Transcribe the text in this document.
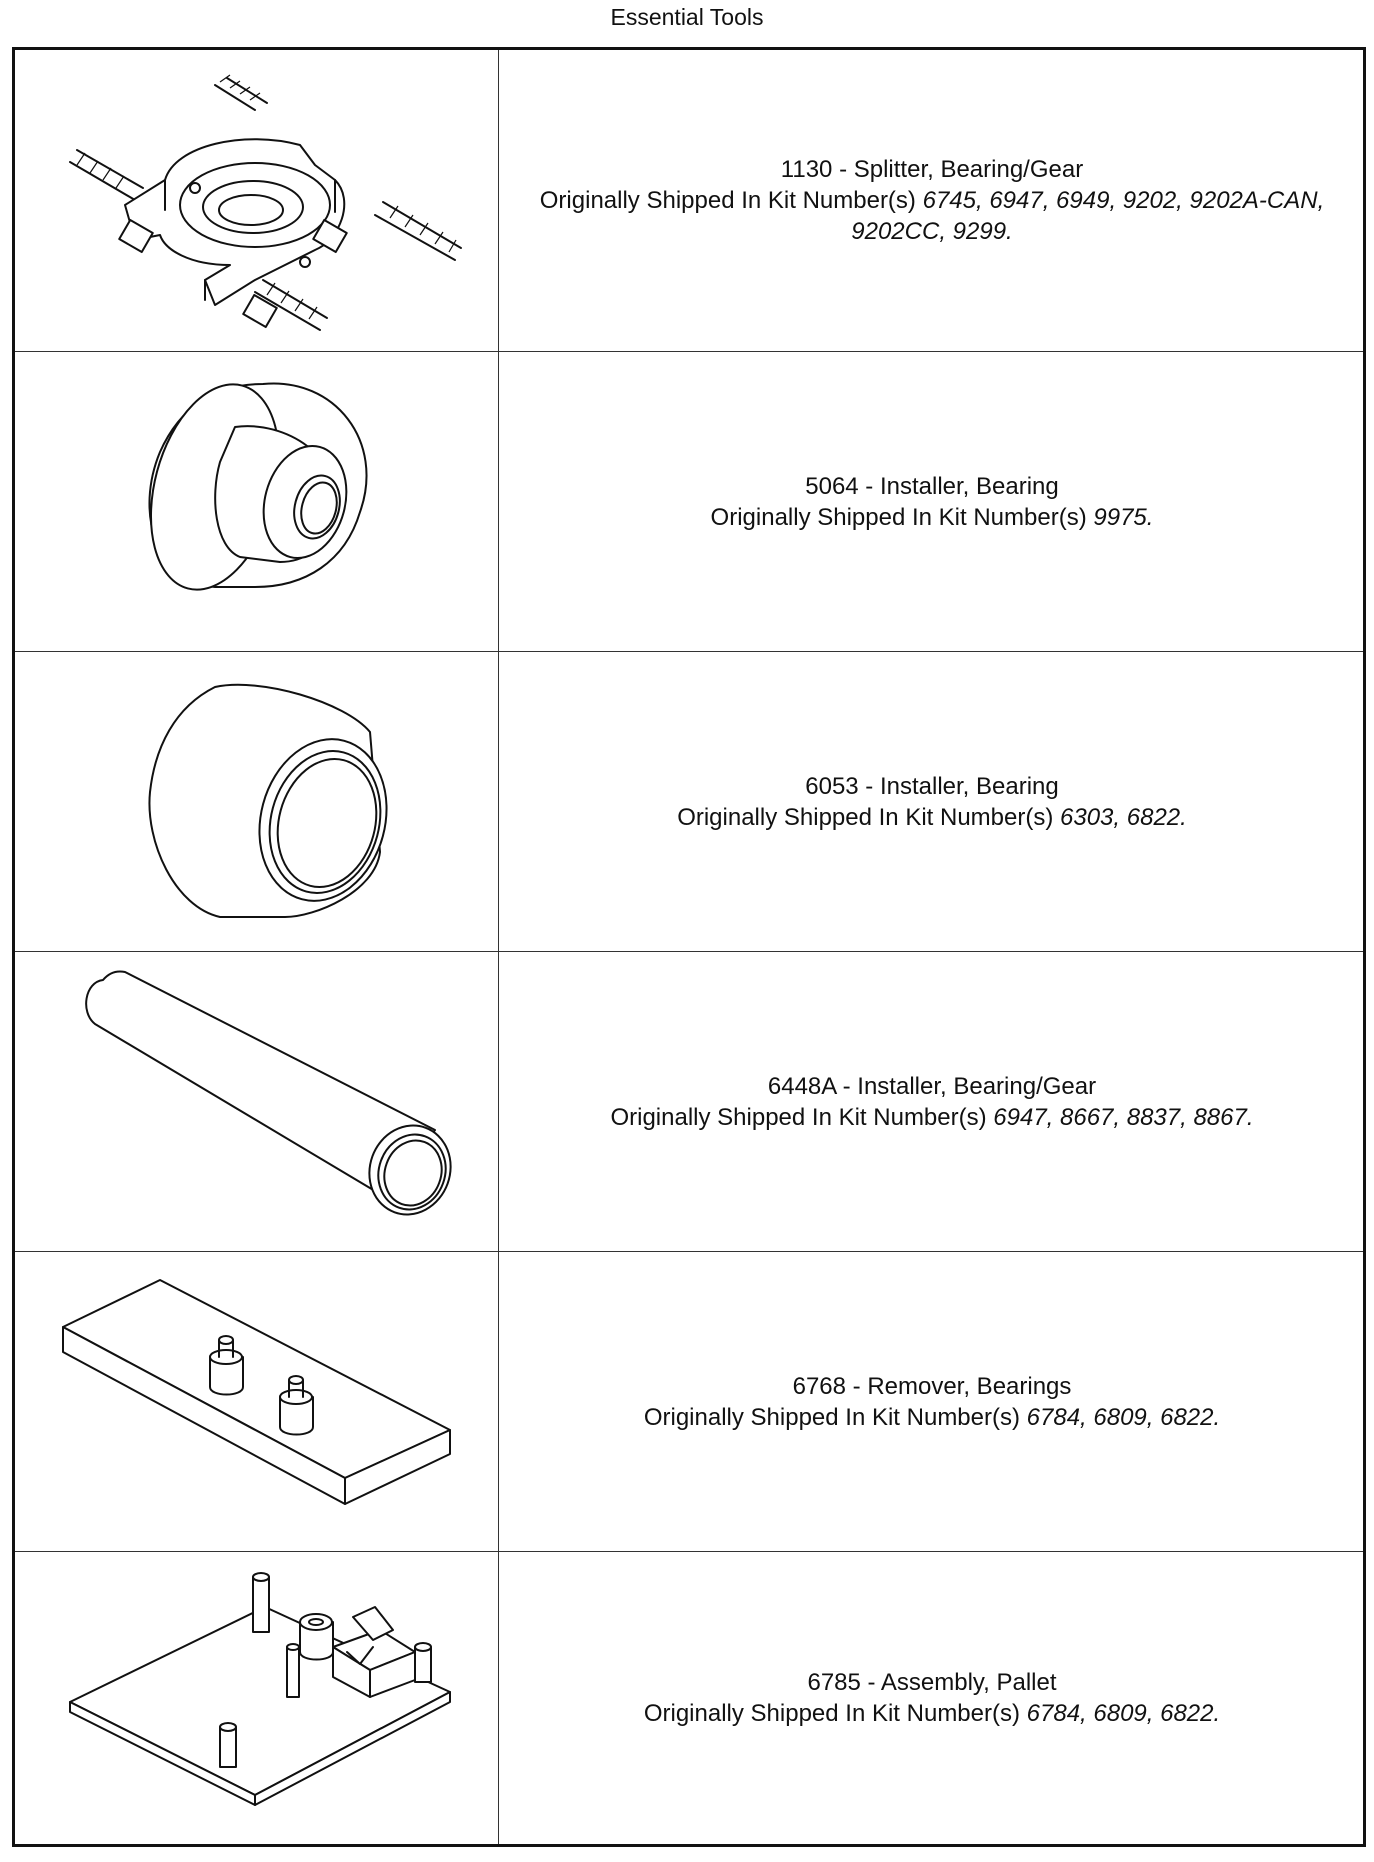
Essential Tools
1130 - Splitter, Bearing/Gear
Originally Shipped In Kit Number(s) 6745, 6947, 6949, 9202, 9202A-CAN,
9202CC, 9299.
5064 - Installer, Bearing
Originally Shipped In Kit Number(s) 9975.
6053 - Installer, Bearing
Originally Shipped In Kit Number(s) 6303, 6822.
6448A - Installer, Bearing/Gear
Originally Shipped In Kit Number(s) 6947, 8667, 8837, 8867.
6768 - Remover, Bearings
Originally Shipped In Kit Number(s) 6784, 6809, 6822.
6785 - Assembly, Pallet
Originally Shipped In Kit Number(s) 6784, 6809, 6822.
